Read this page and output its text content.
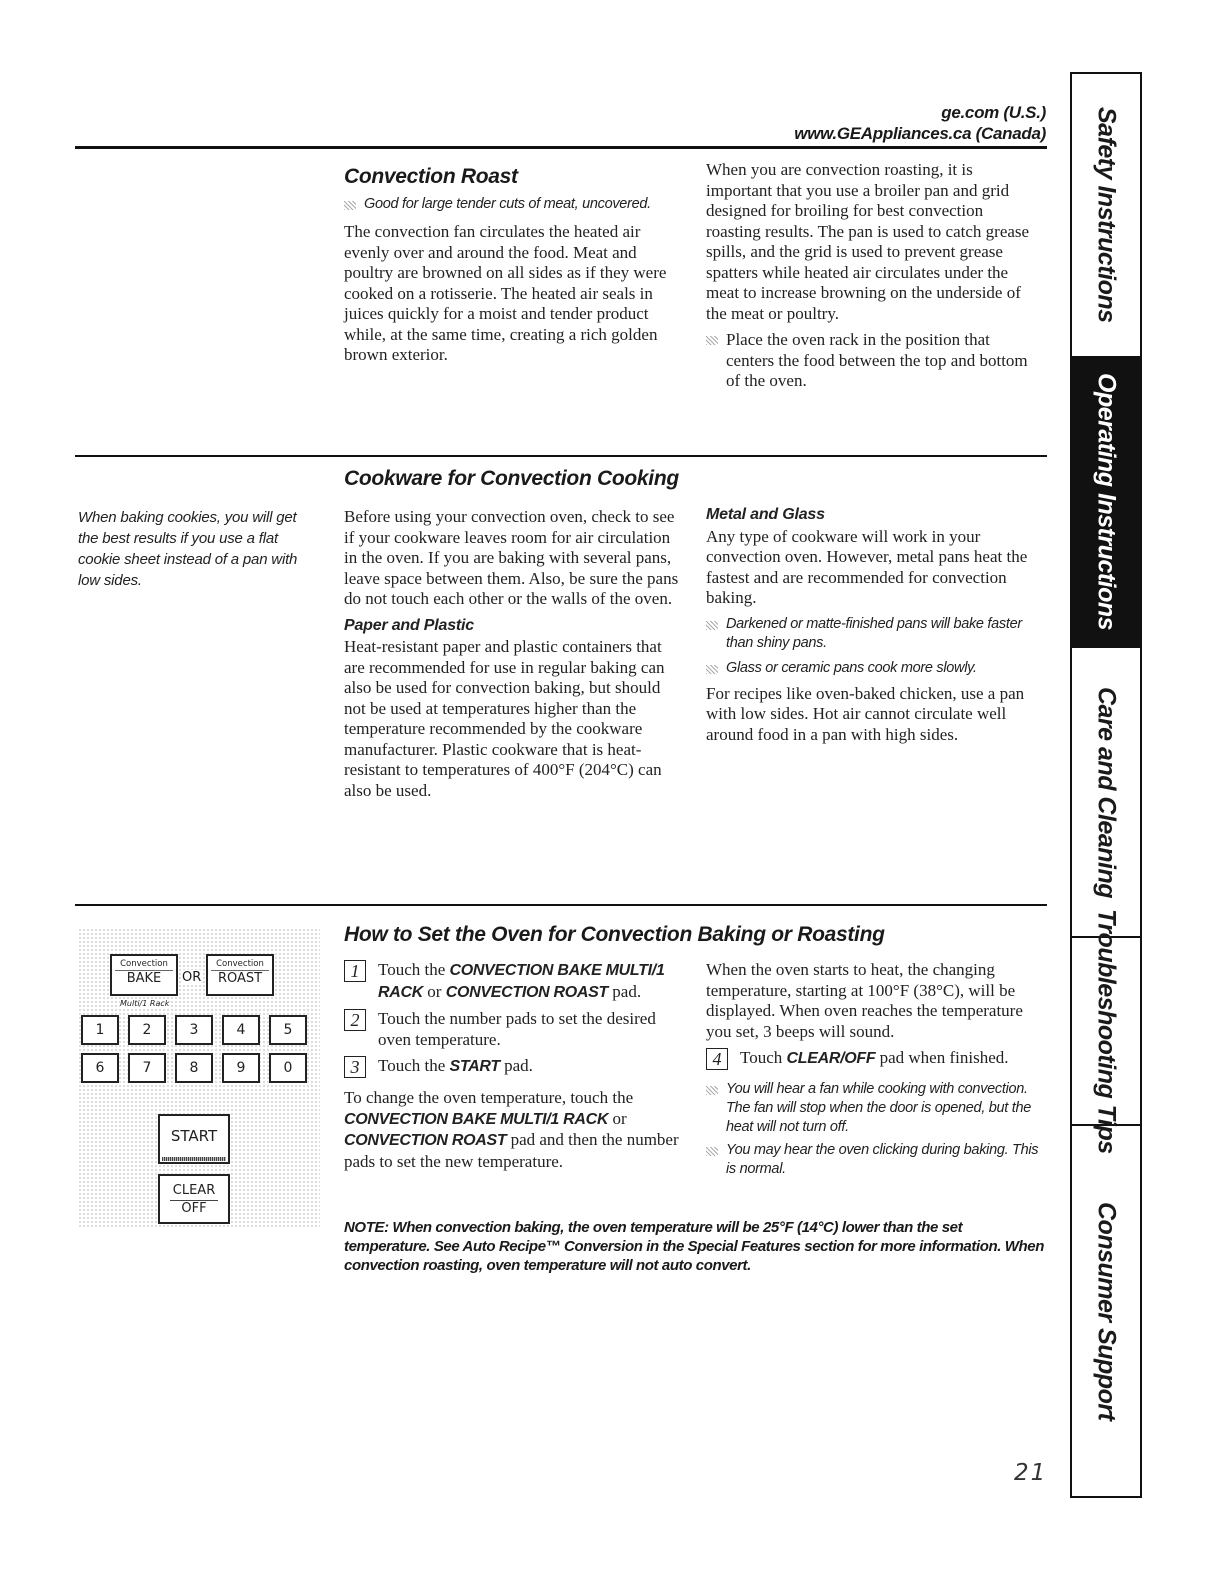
ge.com (U.S.)
www.GEAppliances.ca (Canada)
Convection Roast
Good for large tender cuts of meat, uncovered.

The convection fan circulates the heated air evenly over and around the food. Meat and poultry are browned on all sides as if they were cooked on a rotisserie. The heated air seals in juices quickly for a moist and tender product while, at the same time, creating a rich golden brown exterior.

When you are convection roasting, it is important that you use a broiler pan and grid designed for broiling for best convection roasting results. The pan is used to catch grease spills, and the grid is used to prevent grease spatters while heated air circulates under the meat to increase browning on the underside of the meat or poultry.

Place the oven rack in the position that centers the food between the top and bottom of the oven.

Cookware for Convection Cooking
When baking cookies, you will get the best results if you use a flat cookie sheet instead of a pan with low sides.

Before using your convection oven, check to see if your cookware leaves room for air circulation in the oven. If you are baking with several pans, leave space between them. Also, be sure the pans do not touch each other or the walls of the oven.

Paper and Plastic

Heat-resistant paper and plastic containers that are recommended for use in regular baking can also be used for convection baking, but should not be used at temperatures higher than the temperature recommended by the cookware manufacturer. Plastic cookware that is heat-resistant to temperatures of 400°F (204°C) can also be used.

Metal and Glass

Any type of cookware will work in your convection oven. However, metal pans heat the fastest and are recommended for convection baking.

Darkened or matte-finished pans will bake faster than shiny pans.
Glass or ceramic pans cook more slowly.

For recipes like oven-baked chicken, use a pan with low sides. Hot air cannot circulate well around food in a pan with high sides.

How to Set the Oven for Convection Baking or Roasting
1	Touch the CONVECTION BAKE MULTI/1 RACK or CONVECTION ROAST pad.
2	Touch the number pads to set the desired oven temperature.
3	Touch the START pad.

To change the oven temperature, touch the CONVECTION BAKE MULTI/1 RACK or CONVECTION ROAST pad and then the number pads to set the new temperature.

When the oven starts to heat, the changing temperature, starting at 100°F (38°C), will be displayed. When oven reaches the temperature you set, 3 beeps will sound.

4	Touch CLEAR/OFF pad when finished.
You will hear a fan while cooking with convection. The fan will stop when the door is opened, but the heat will not turn off.
You may hear the oven clicking during baking. This is normal.
NOTE: When convection baking, the oven temperature will be 25°F (14°C) lower than the set temperature. See Auto Recipe™ Conversion in the Special Features section for more information. When convection roasting, oven temperature will not auto convert.
Convection
BAKE	OR
Convection
ROAST
Multi/1 Rack
1	2	3	4	5
6	7	8	9	0
START
CLEAR
OFF
Safety Instructions
Operating Instructions
Care and Cleaning
Troubleshooting Tips
Consumer Support
21
